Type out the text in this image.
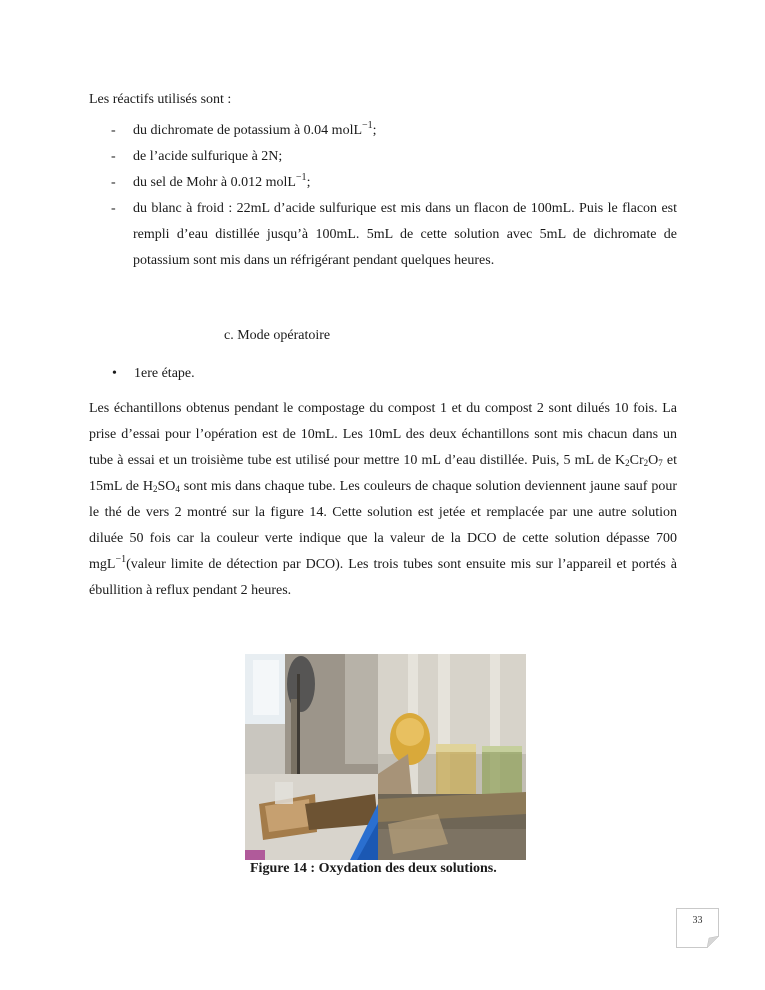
Les réactifs utilisés sont :
- du dichromate de potassium à 0.04 molL$^{-1}$;
- de l’acide sulfurique à 2N;
- du sel de Mohr à 0.012 molL$^{-1}$;
- du blanc à froid : 22mL d’acide sulfurique est mis dans un flacon de 100mL. Puis le flacon est rempli d’eau distillée jusqu’à 100mL. 5mL de cette solution avec 5mL de dichromate de potassium sont mis dans un réfrigérant pendant quelques heures.
c. Mode opératoire
• 1ere étape.

Les échantillons obtenus pendant le compostage du compost 1 et du compost 2 sont dilués 10 fois. La prise d’essai pour l’opération est de 10mL. Les 10mL des deux échantillons sont mis chacun dans un tube à essai et un troisième tube est utilisé pour mettre 10 mL d’eau distillée. Puis, 5 mL de $K_2Cr_2O_7$ et 15mL de $H_2SO_4$ sont mis dans chaque tube. Les couleurs de chaque solution deviennent jaune sauf pour le thé de vers 2 montré sur la figure 14. Cette solution est jetée et remplacée par une autre solution diluée 50 fois car la couleur verte indique que la valeur de la DCO de cette solution dépasse 700 mgL$^{-1}$(valeur limite de détection par DCO). Les trois tubes sont ensuite mis sur l’appareil et portés à ébullition à reflux pendant 2 heures.

Figure 14 : Oxydation des deux solutions.
33
